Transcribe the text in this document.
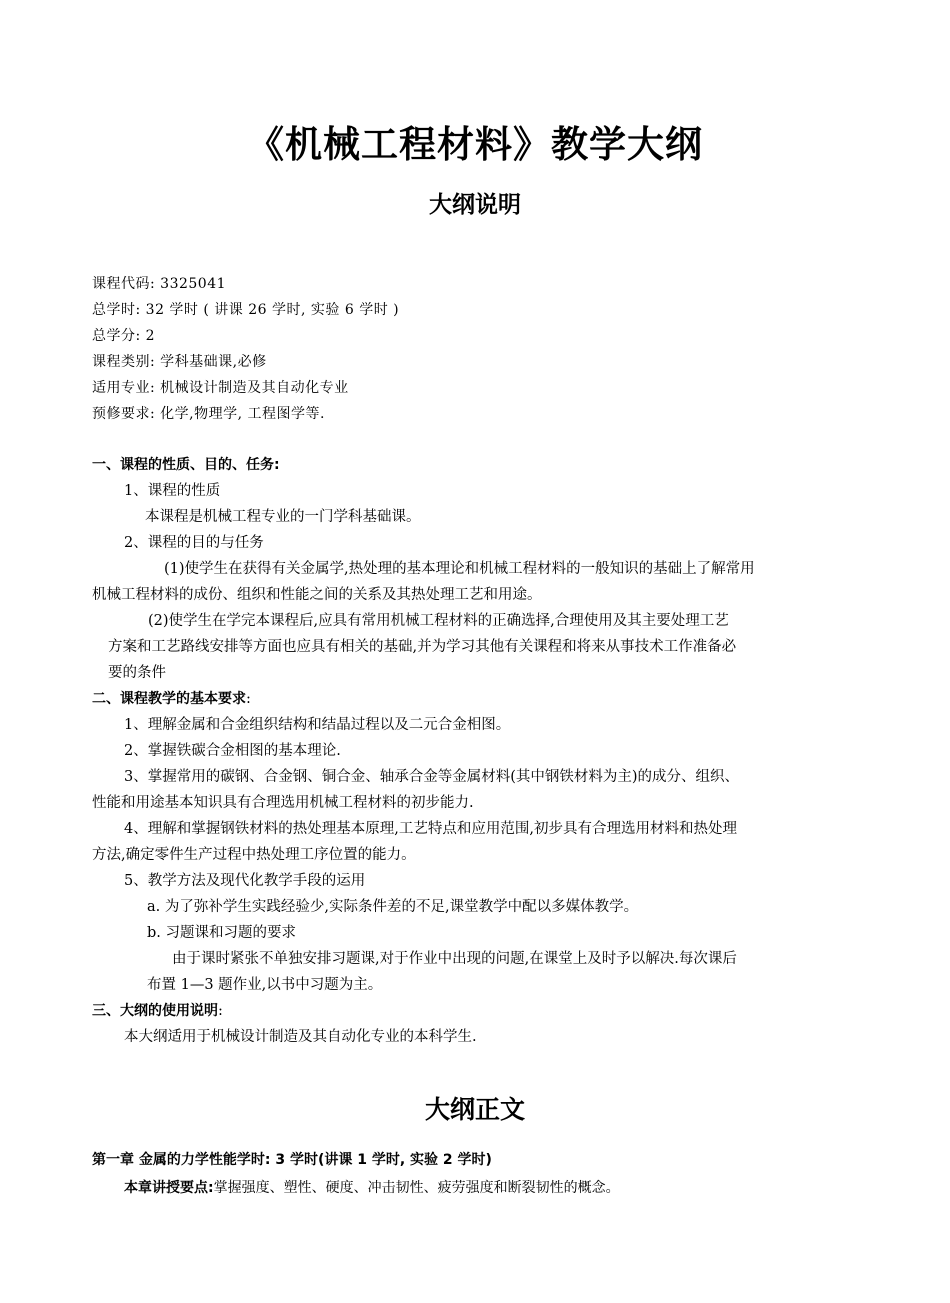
《机械工程材料》教学大纲
大纲说明
课程代码: 3325041
总学时: 32 学时 ( 讲课 26 学时, 实验 6 学时 )
总学分: 2
课程类别: 学科基础课,必修
适用专业: 机械设计制造及其自动化专业
预修要求: 化学,物理学, 工程图学等.
一、课程的性质、目的、任务:
1、课程的性质
本课程是机械工程专业的一门学科基础课。
2、课程的目的与任务
(1)使学生在获得有关金属学,热处理的基本理论和机械工程材料的一般知识的基础上了解常用
机械工程材料的成份、组织和性能之间的关系及其热处理工艺和用途。
(2)使学生在学完本课程后,应具有常用机械工程材料的正确选择,合理使用及其主要处理工艺
方案和工艺路线安排等方面也应具有相关的基础,并为学习其他有关课程和将来从事技术工作准备必
要的条件
二、课程教学的基本要求:
1、理解金属和合金组织结构和结晶过程以及二元合金相图。
2、掌握铁碳合金相图的基本理论.
3、掌握常用的碳钢、合金钢、铜合金、轴承合金等金属材料(其中钢铁材料为主)的成分、组织、
性能和用途基本知识具有合理选用机械工程材料的初步能力.
4、理解和掌握钢铁材料的热处理基本原理,工艺特点和应用范围,初步具有合理选用材料和热处理
方法,确定零件生产过程中热处理工序位置的能力。
5、教学方法及现代化教学手段的运用
a. 为了弥补学生实践经验少,实际条件差的不足,课堂教学中配以多媒体教学。
b. 习题课和习题的要求
由于课时紧张不单独安排习题课,对于作业中出现的问题,在课堂上及时予以解决.每次课后
布置 1—3 题作业,以书中习题为主。
三、大纲的使用说明:
本大纲适用于机械设计制造及其自动化专业的本科学生.
大纲正文
第一章 金属的力学性能学时: 3 学时(讲课 1 学时, 实验 2 学时)
本章讲授要点:掌握强度、塑性、硬度、冲击韧性、疲劳强度和断裂韧性的概念。
